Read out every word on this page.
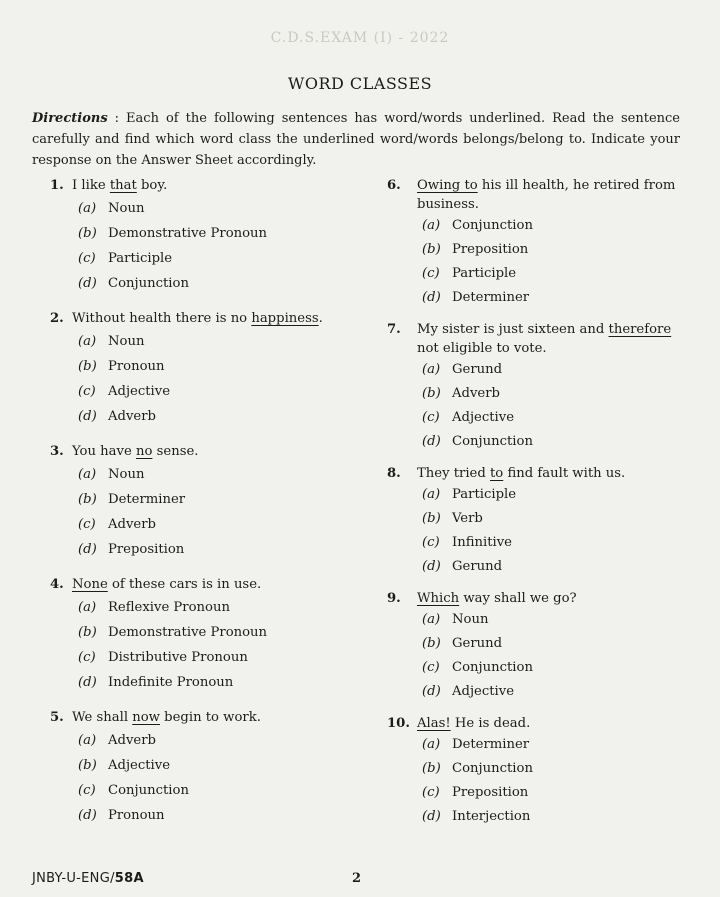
C.D.S.EXAM (I) - 2022
WORD CLASSES
Directions : Each of the following sentences has word/words underlined. Read the sentence carefully and find which word class the underlined word/words belongs/belong to. Indicate your response on the Answer Sheet accordingly.
1. I like that boy.
(a) Noun
(b) Demonstrative Pronoun
(c) Participle
(d) Conjunction
2. Without health there is no happiness.
(a) Noun
(b) Pronoun
(c) Adjective
(d) Adverb
3. You have no sense.
(a) Noun
(b) Determiner
(c) Adverb
(d) Preposition
4. None of these cars is in use.
(a) Reflexive Pronoun
(b) Demonstrative Pronoun
(c) Distributive Pronoun
(d) Indefinite Pronoun
5. We shall now begin to work.
(a) Adverb
(b) Adjective
(c) Conjunction
(d) Pronoun
6.	Owing to his ill health, he retired from business.
(a) Conjunction
(b) Preposition
(c) Participle
(d) Determiner
7.	My sister is just sixteen and therefore not eligible to vote.
(a) Gerund
(b) Adverb
(c) Adjective
(d) Conjunction
8.	They tried to find fault with us.
(a) Participle
(b) Verb
(c) Infinitive
(d) Gerund
9.	Which way shall we go?
(a) Noun
(b) Gerund
(c) Conjunction
(d) Adjective
10. Alas! He is dead.
(a) Determiner
(b) Conjunction
(c) Preposition
(d) Interjection
JNBY-U-ENG/58A	2
